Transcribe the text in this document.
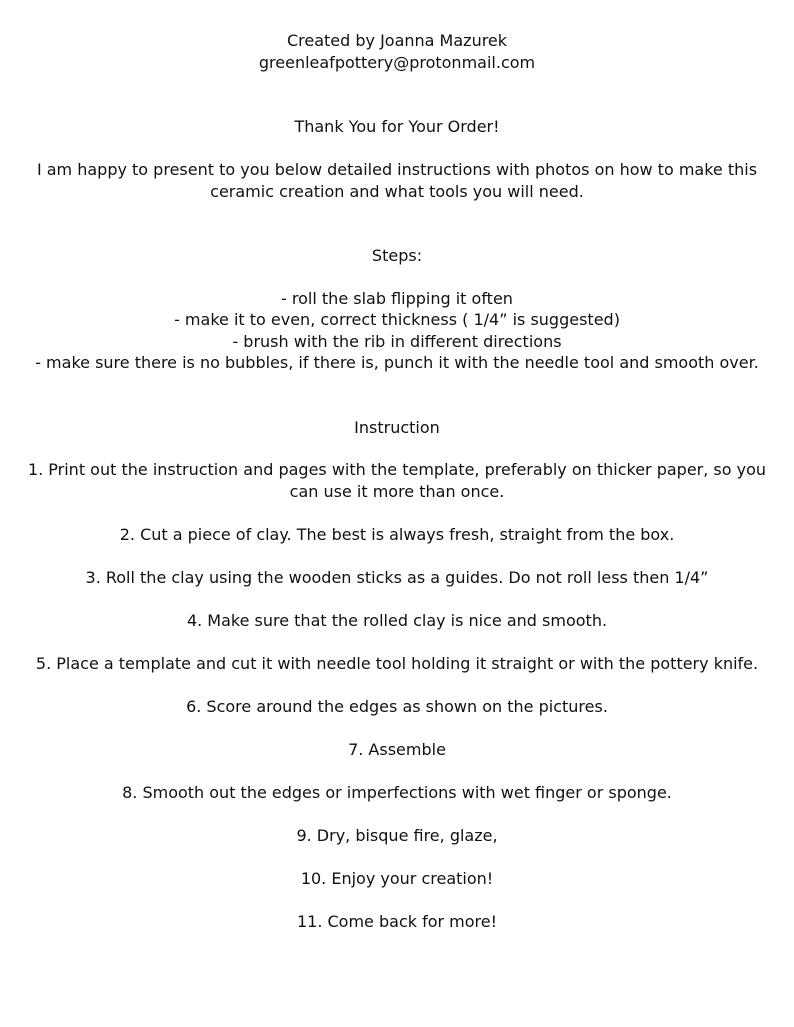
Created by Joanna Mazurek

greenleafpottery@protonmail.com

Thank You for Your Order!

I am happy to present to you below detailed instructions with photos on how to make this ceramic creation and what tools you will need.

Steps:

- roll the slab flipping it often
- make it to even, correct thickness ( 1/4” is suggested)
- brush with the rib in different directions
- make sure there is no bubbles, if there is, punch it with the needle tool and smooth over.

Instruction

1. Print out the instruction and pages with the template, preferably on thicker paper, so you can use it more than once.
2. Cut a piece of clay. The best is always fresh, straight from the box.
3. Roll the clay using the wooden sticks as a guides. Do not roll less then 1/4”
4. Make sure that the rolled clay is nice and smooth.
5. Place a template and cut it with needle tool holding it straight or with the pottery knife.
6. Score around the edges as shown on the pictures.
7. Assemble
8. Smooth out the edges or imperfections with wet finger or sponge.
9. Dry, bisque fire, glaze,
10. Enjoy your creation!
11. Come back for more!
